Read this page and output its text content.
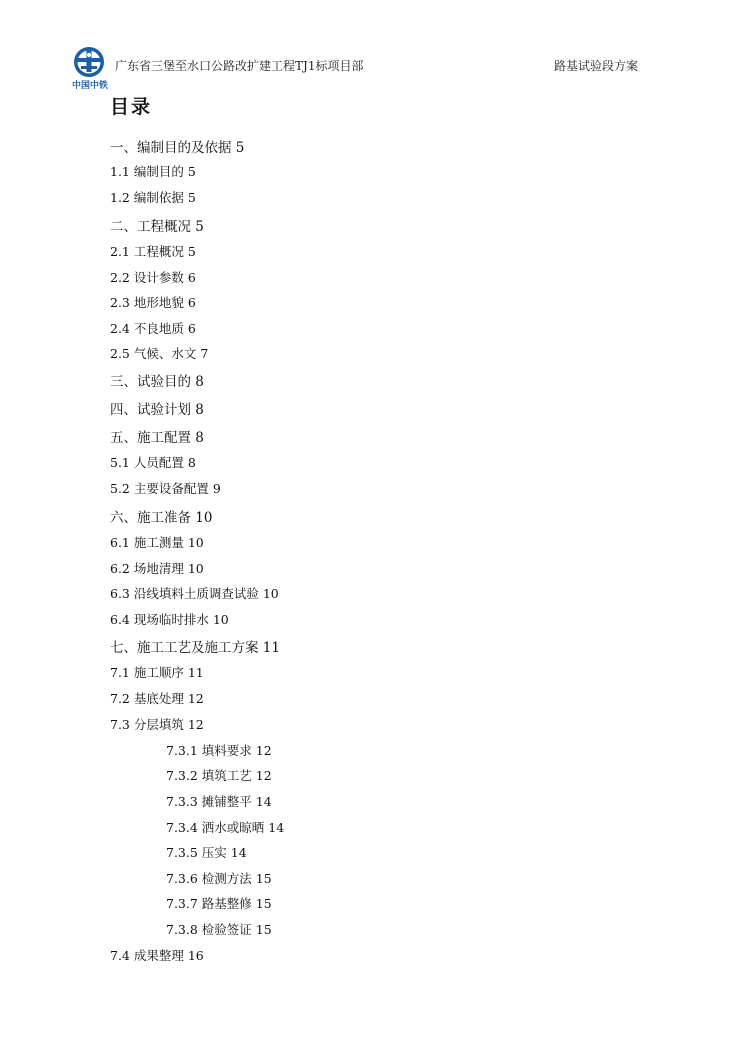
中国中铁
广东省三堡至水口公路改扩建工程TJ1标项目部	路基试验段方案
目录
一、编制目的及依据 5
1.1 编制目的 5
1.2 编制依据 5
二、工程概况 5
2.1 工程概况 5
2.2 设计参数 6
2.3 地形地貌 6
2.4 不良地质 6
2.5 气候、水文 7
三、试验目的 8
四、试验计划 8
五、施工配置 8
5.1 人员配置 8
5.2 主要设备配置 9
六、施工准备 10
6.1 施工测量 10
6.2 场地清理 10
6.3 沿线填料土质调查试验 10
6.4 现场临时排水 10
七、施工工艺及施工方案 11
7.1 施工顺序 11
7.2 基底处理 12
7.3 分层填筑 12
7.3.1 填料要求 12
7.3.2 填筑工艺 12
7.3.3 摊铺整平 14
7.3.4 洒水或晾晒 14
7.3.5 压实 14
7.3.6 检测方法 15
7.3.7 路基整修 15
7.3.8 检验签证 15
7.4 成果整理 16
